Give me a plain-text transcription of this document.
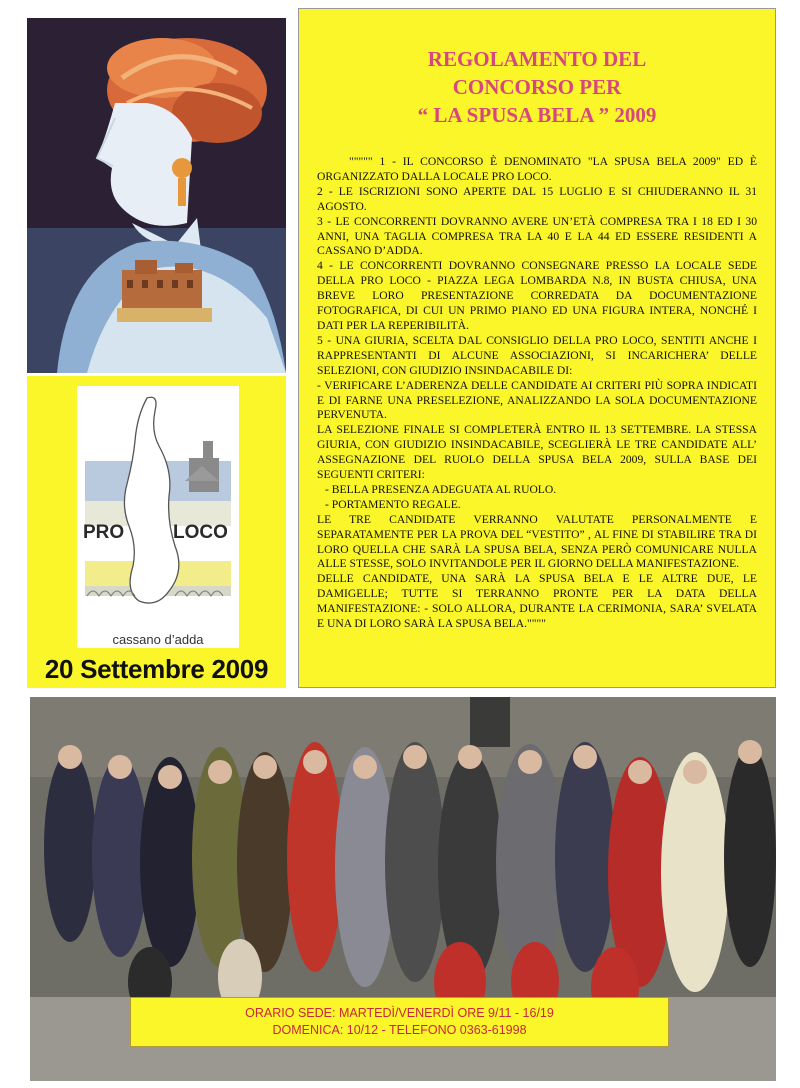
PRO	LOCO
cassano d’adda
20 Settembre 2009
REGOLAMENTO DEL
CONCORSO PER
“ LA SPUSA BELA ” 2009

""""" 1 - IL CONCORSO È DENOMINATO "LA SPUSA BELA 2009" ED È ORGANIZZATO DALLA LOCALE PRO LOCO.

2 - LE ISCRIZIONI SONO APERTE DAL 15 LUGLIO E SI CHIUDERANNO IL 31 AGOSTO.

3 - LE CONCORRENTI DOVRANNO AVERE UN’ETÀ COMPRESA TRA I 18 ED I 30 ANNI, UNA TAGLIA COMPRESA TRA LA 40 E LA 44 ED ESSERE RESIDENTI A CASSANO D’ADDA.

4 - LE CONCORRENTI DOVRANNO CONSEGNARE PRESSO LA LOCALE SEDE DELLA PRO LOCO - PIAZZA LEGA LOMBARDA N.8, IN BUSTA CHIUSA, UNA BREVE LORO PRESENTAZIONE CORREDATA DA DOCUMENTAZIONE FOTOGRAFICA, DI CUI UN PRIMO PIANO ED UNA FIGURA INTERA, NONCHÉ I DATI PER LA REPERIBILITÀ.

5 - UNA GIURIA, SCELTA DAL CONSIGLIO DELLA PRO LOCO, SENTITI ANCHE I RAPPRESENTANTI DI ALCUNE ASSOCIAZIONI, SI INCARICHERA’ DELLE SELEZIONI, CON GIUDIZIO INSINDACABILE DI:

- VERIFICARE L’ADERENZA DELLE CANDIDATE AI CRITERI PIÙ SOPRA INDICATI E DI FARNE UNA PRESELEZIONE, ANALIZZANDO LA SOLA DOCUMENTAZIONE PERVENUTA.

LA SELEZIONE FINALE SI COMPLETERÀ ENTRO IL 13 SETTEMBRE. LA STESSA GIURIA, CON GIUDIZIO INSINDACABILE, SCEGLIERÀ LE TRE CANDIDATE ALL’ ASSEGNAZIONE DEL RUOLO DELLA SPUSA BELA 2009, SULLA BASE DEI SEGUENTI CRITERI:

- BELLA PRESENZA ADEGUATA AL RUOLO.

- PORTAMENTO REGALE.

LE TRE CANDIDATE VERRANNO VALUTATE PERSONALMENTE E SEPARATAMENTE PER LA PROVA DEL “VESTITO” , AL FINE DI STABILIRE TRA DI LORO QUELLA CHE SARÀ LA SPUSA BELA, SENZA PERÒ COMUNICARE NULLA ALLE STESSE, SOLO INVITANDOLE PER IL GIORNO DELLA MANIFESTAZIONE.

DELLE CANDIDATE, UNA SARÀ LA SPUSA BELA E LE ALTRE DUE, LE DAMIGELLE; TUTTE SI TERRANNO PRONTE PER LA DATA DELLA MANIFESTAZIONE: - SOLO ALLORA, DURANTE LA CERIMONIA, SARA’ SVELATA E UNA DI LORO SARÀ LA SPUSA BELA.""""

ORARIO SEDE: MARTEDÌ/VENERDÌ ORE 9/11 - 16/19
DOMENICA: 10/12 - TELEFONO 0363-61998
